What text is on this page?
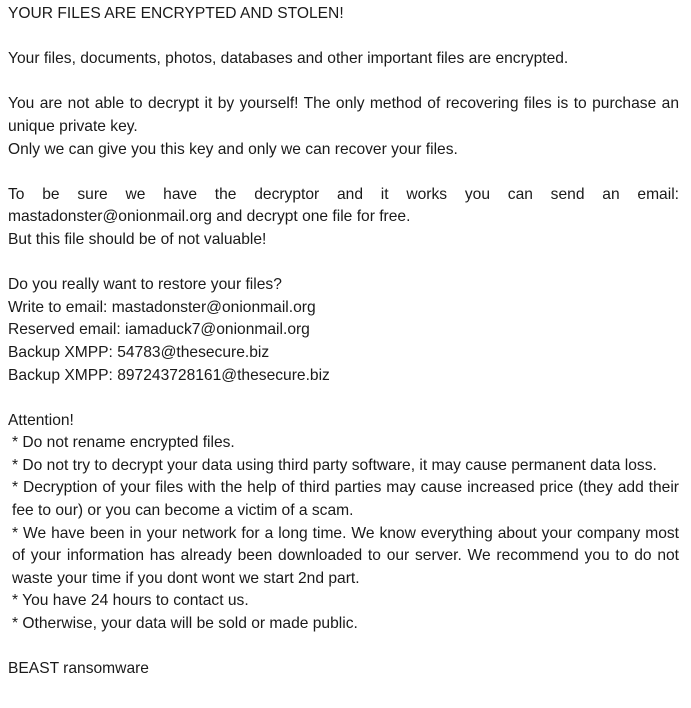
YOUR FILES ARE ENCRYPTED AND STOLEN!

Your files, documents, photos, databases and other important files are encrypted.

You are not able to decrypt it by yourself! The only method of recovering files is to purchase an unique private key.

Only we can give you this key and only we can recover your files.

To be sure we have the decryptor and it works you can send an email: mastadonster@onionmail.org and decrypt one file for free.

But this file should be of not valuable!

Do you really want to restore your files?

Write to email: mastadonster@onionmail.org

Reserved email: iamaduck7@onionmail.org

Backup XMPP: 54783@thesecure.biz

Backup XMPP: 897243728161@thesecure.biz

Attention!

* Do not rename encrypted files.

* Do not try to decrypt your data using third party software, it may cause permanent data loss.

* Decryption of your files with the help of third parties may cause increased price (they add their fee to our) or you can become a victim of a scam.

* We have been in your network for a long time. We know everything about your company most of your information has already been downloaded to our server. We recommend you to do not waste your time if you dont wont we start 2nd part.

* You have 24 hours to contact us.

* Otherwise, your data will be sold or made public.

BEAST ransomware
